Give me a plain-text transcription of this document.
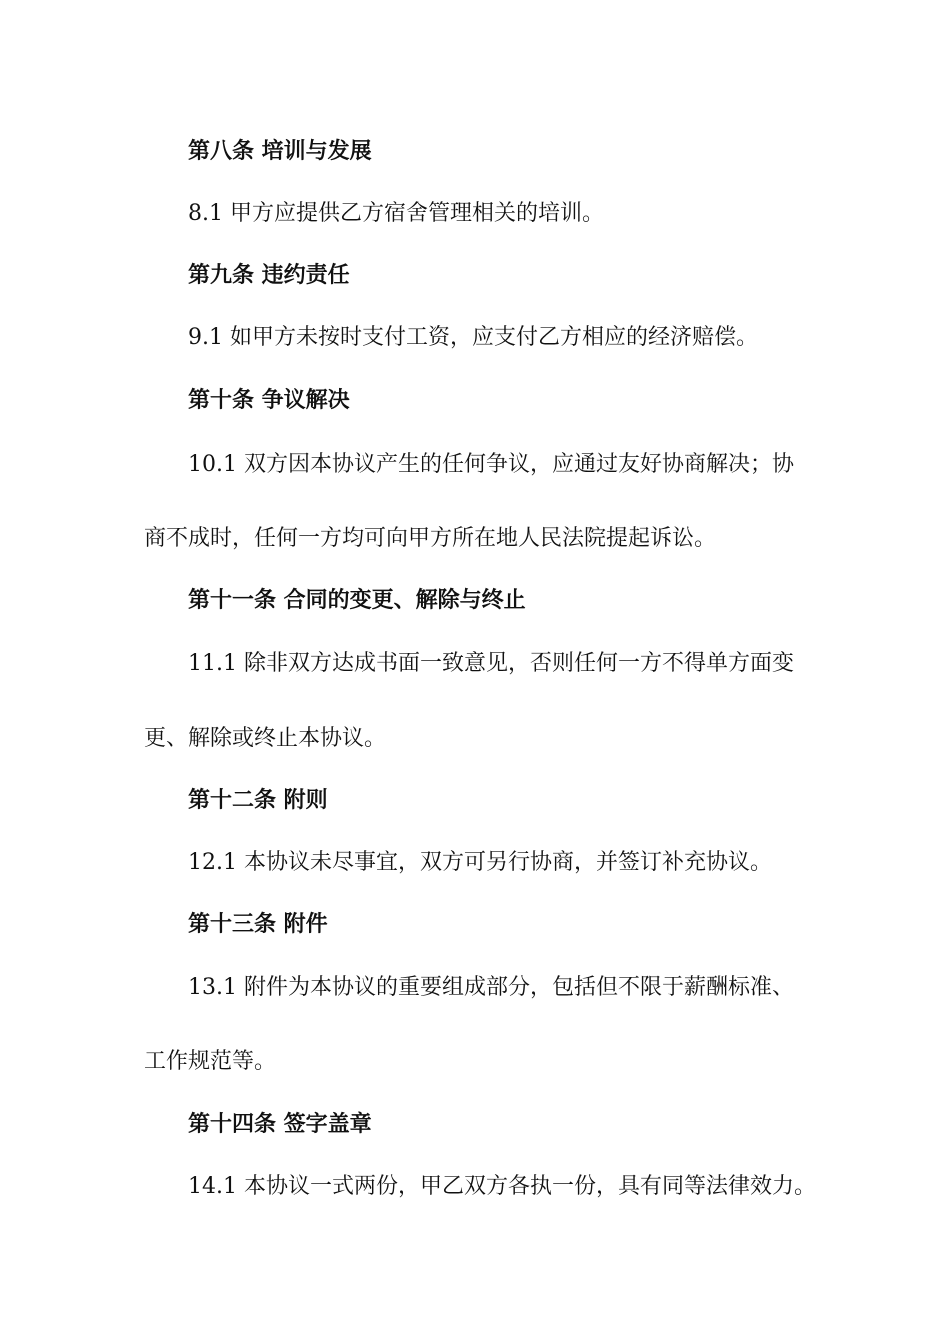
第八条 培训与发展
8.1 甲方应提供乙方宿舍管理相关的培训。
第九条 违约责任
9.1 如甲方未按时支付工资，应支付乙方相应的经济赔偿。
第十条 争议解决
10.1 双方因本协议产生的任何争议，应通过友好协商解决；协
商不成时，任何一方均可向甲方所在地人民法院提起诉讼。
第十一条 合同的变更、解除与终止
11.1 除非双方达成书面一致意见，否则任何一方不得单方面变
更、解除或终止本协议。
第十二条 附则
12.1 本协议未尽事宜，双方可另行协商，并签订补充协议。
第十三条 附件
13.1 附件为本协议的重要组成部分，包括但不限于薪酬标准、
工作规范等。
第十四条 签字盖章
14.1 本协议一式两份，甲乙双方各执一份，具有同等法律效力。
